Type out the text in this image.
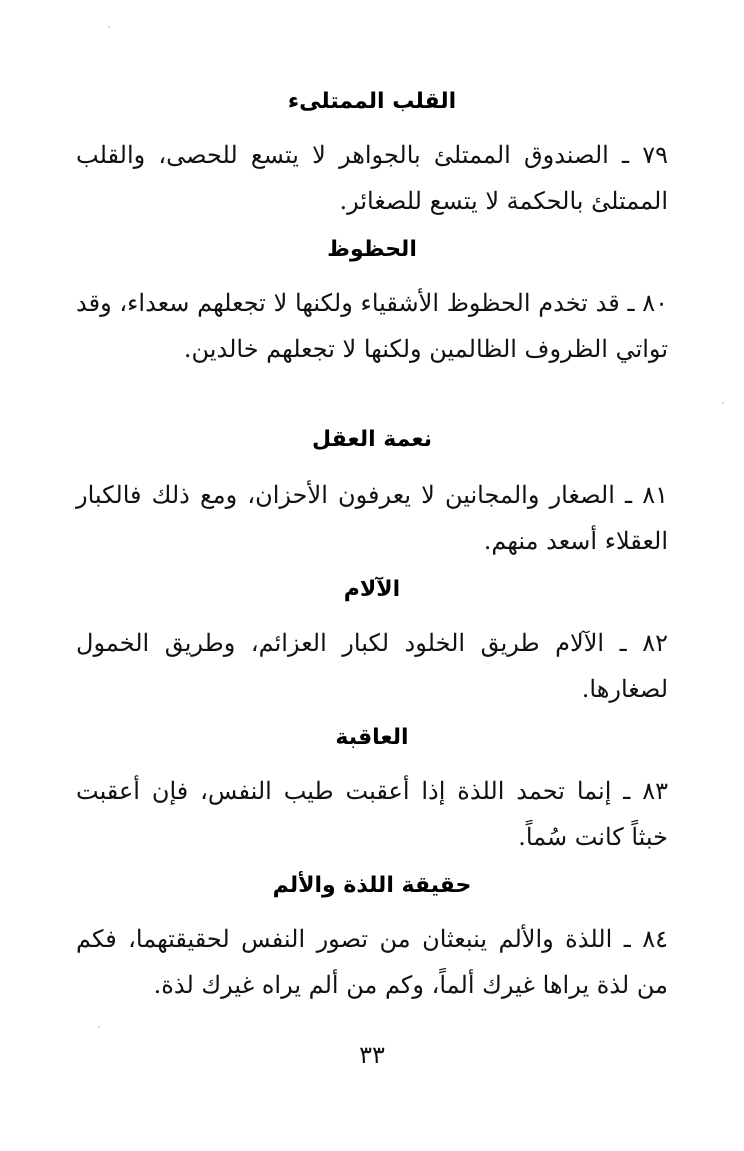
القلب الممتلىء
٧٩ ـ الصندوق الممتلئ بالجواهر لا يتسع للحصى، والقلب الممتلئ بالحكمة لا يتسع للصغائر.
الحظوظ
٨٠ ـ قد تخدم الحظوظ الأشقياء ولكنها لا تجعلهم سعداء، وقد تواتي الظروف الظالمين ولكنها لا تجعلهم خالدين.
نعمة العقل
٨١ ـ الصغار والمجانين لا يعرفون الأحزان، ومع ذلك فالكبار العقلاء أسعد منهم.
الآلام
٨٢ ـ الآلام طريق الخلود لكبار العزائم، وطريق الخمول لصغارها.
العاقبة
٨٣ ـ إنما تحمد اللذة إذا أعقبت طيب النفس، فإن أعقبت خبثاً كانت سُماً.
حقيقة اللذة والألم
٨٤ ـ اللذة والألم ينبعثان من تصور النفس لحقيقتهما، فكم من لذة يراها غيرك ألماً، وكم من ألم يراه غيرك لذة.
٣٣
